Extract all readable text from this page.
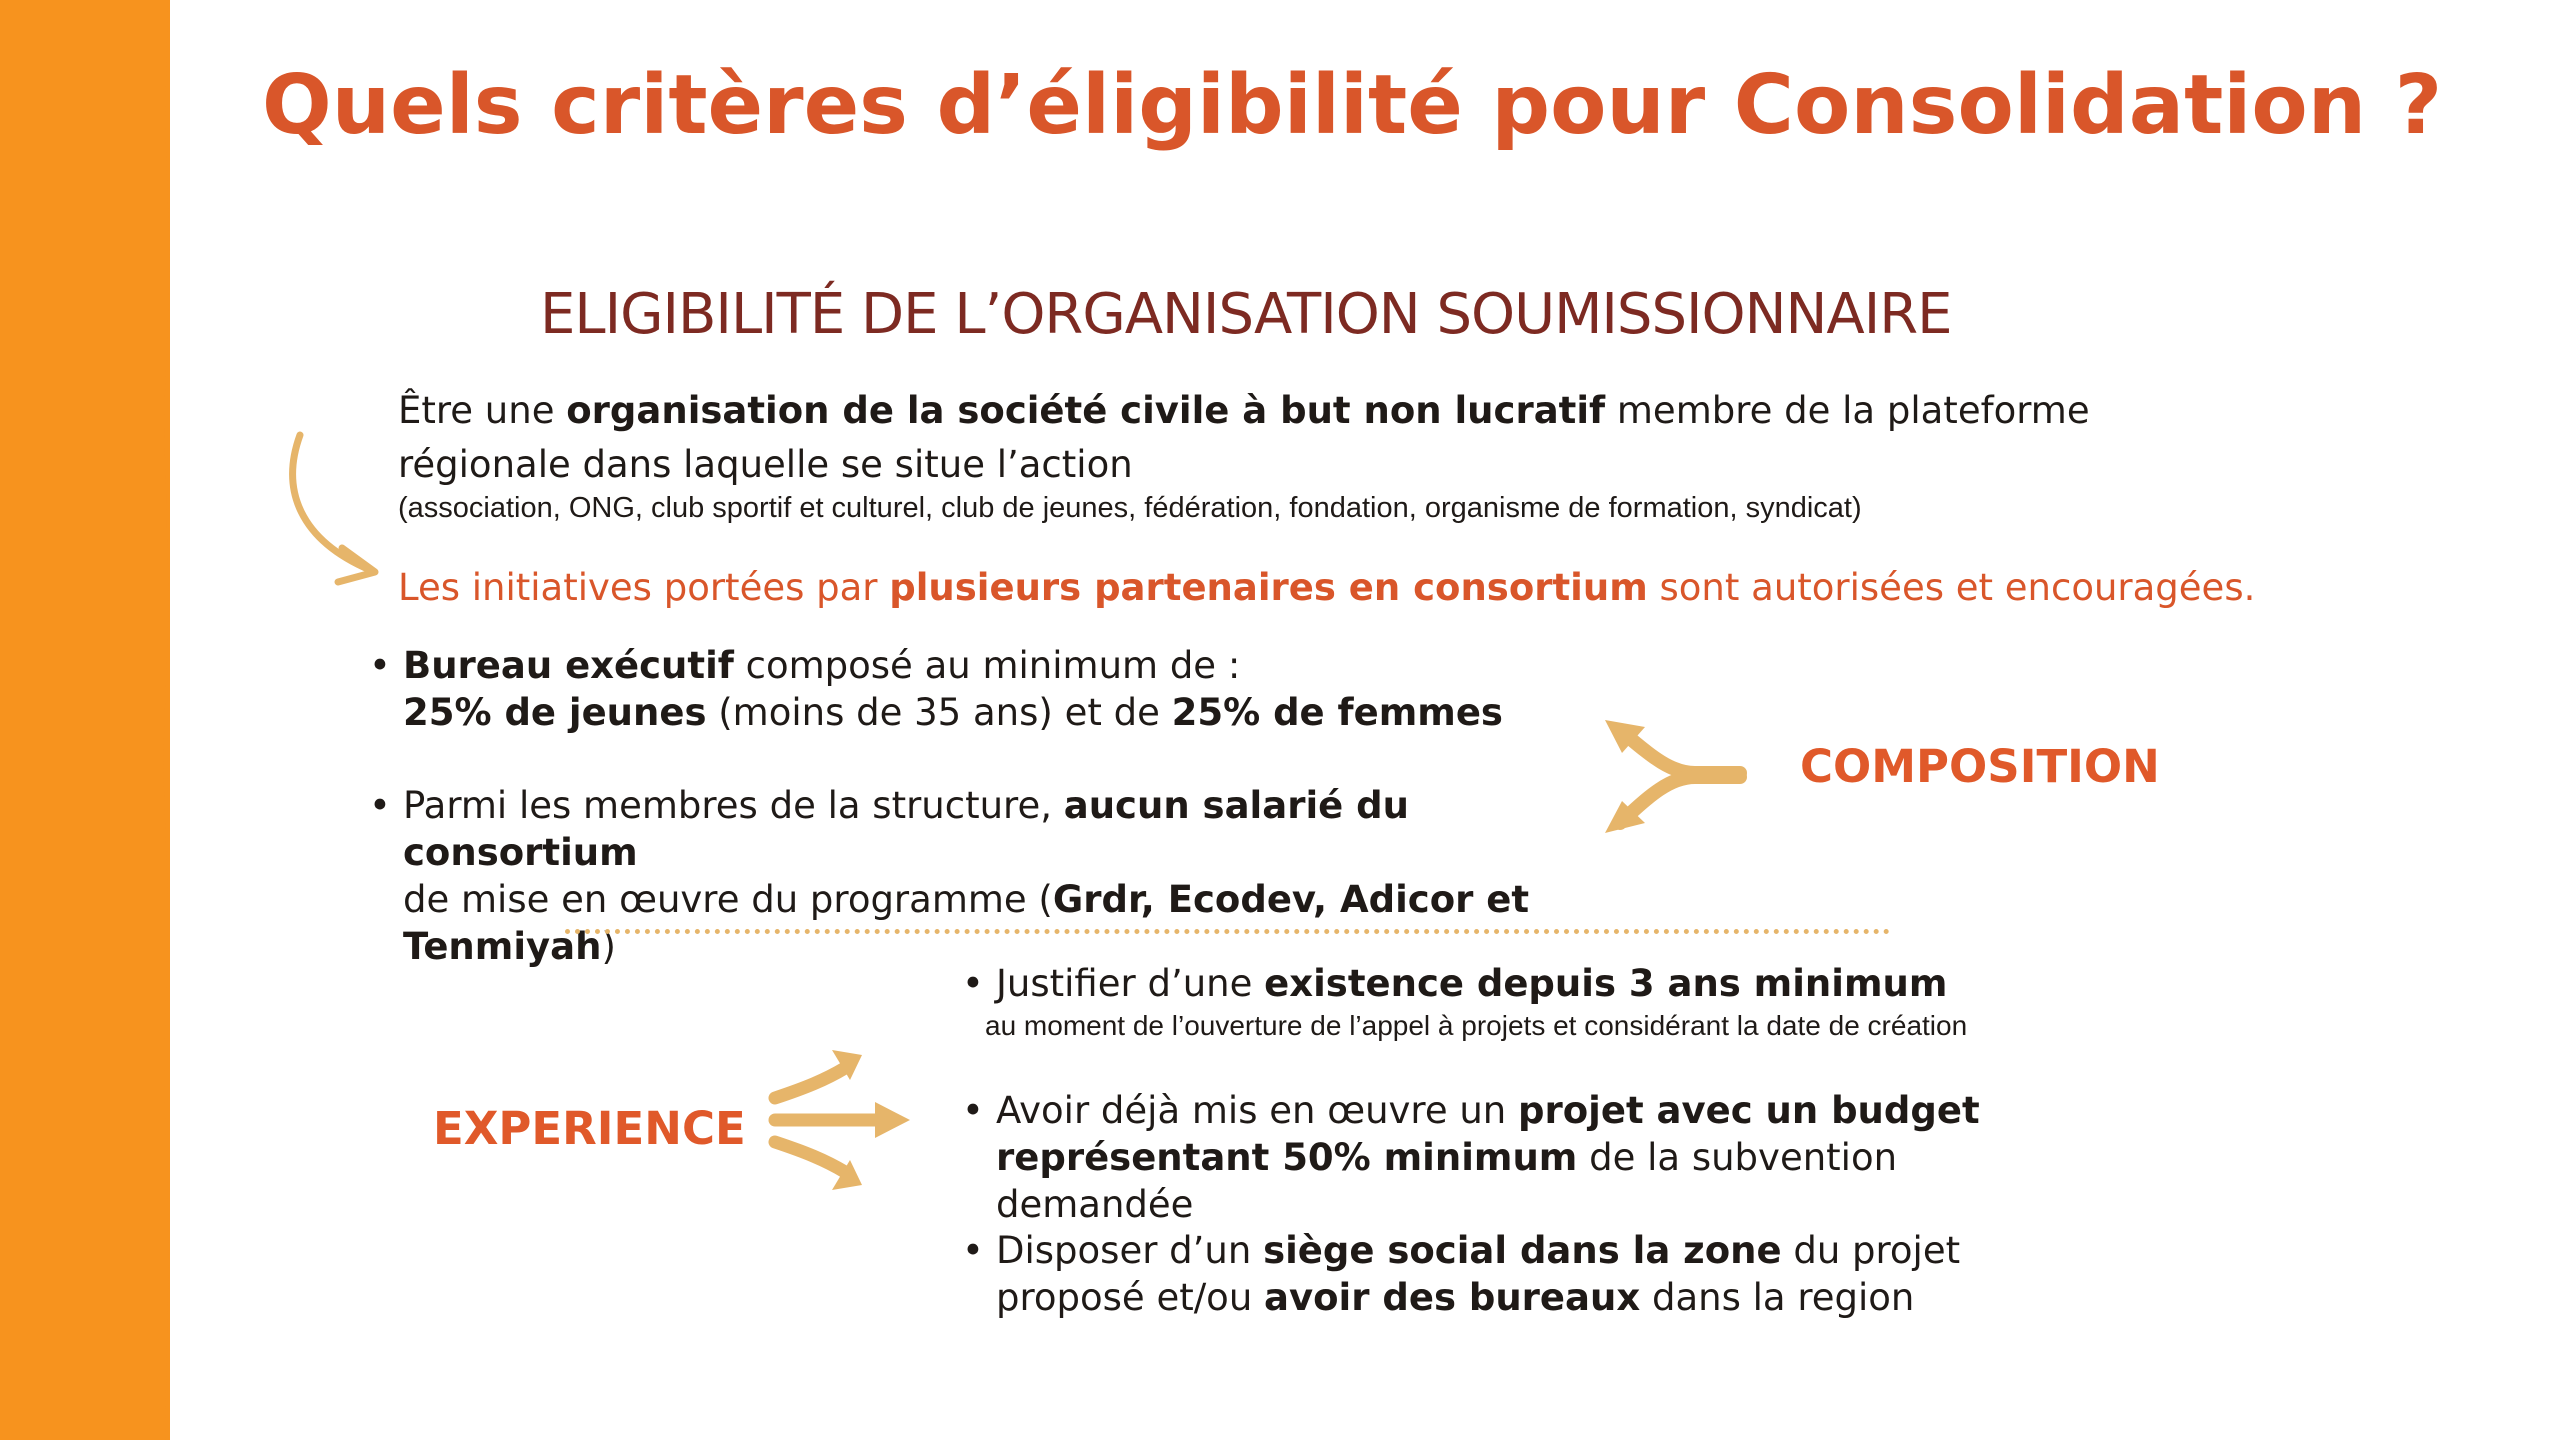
Quels critères d’éligibilité pour Consolidation ?
ELIGIBILITÉ DE L’ORGANISATION SOUMISSIONNAIRE
Être une organisation de la société civile à but non lucratif membre de la plateforme régionale dans laquelle se situe l’action
(association, ONG, club sportif et culturel, club de jeunes, fédération, fondation, organisme de formation, syndicat)
Les initiatives portées par plusieurs partenaires en consortium sont autorisées et encouragées.
• Bureau exécutif composé au minimum de :
25% de jeunes (moins de 35 ans) et de 25% de femmes
• Parmi les membres de la structure, aucun salarié du consortium
de mise en œuvre du programme (Grdr, Ecodev, Adicor et Tenmiyah)
COMPOSITION
EXPERIENCE
• Justifier d’une existence depuis 3 ans minimum
au moment de l’ouverture de l’appel à projets et considérant la date de création
• Avoir déjà mis en œuvre un projet avec un budget représentant 50% minimum de la subvention demandée
• Disposer d’un siège social dans la zone du projet proposé et/ou avoir des bureaux dans la region
